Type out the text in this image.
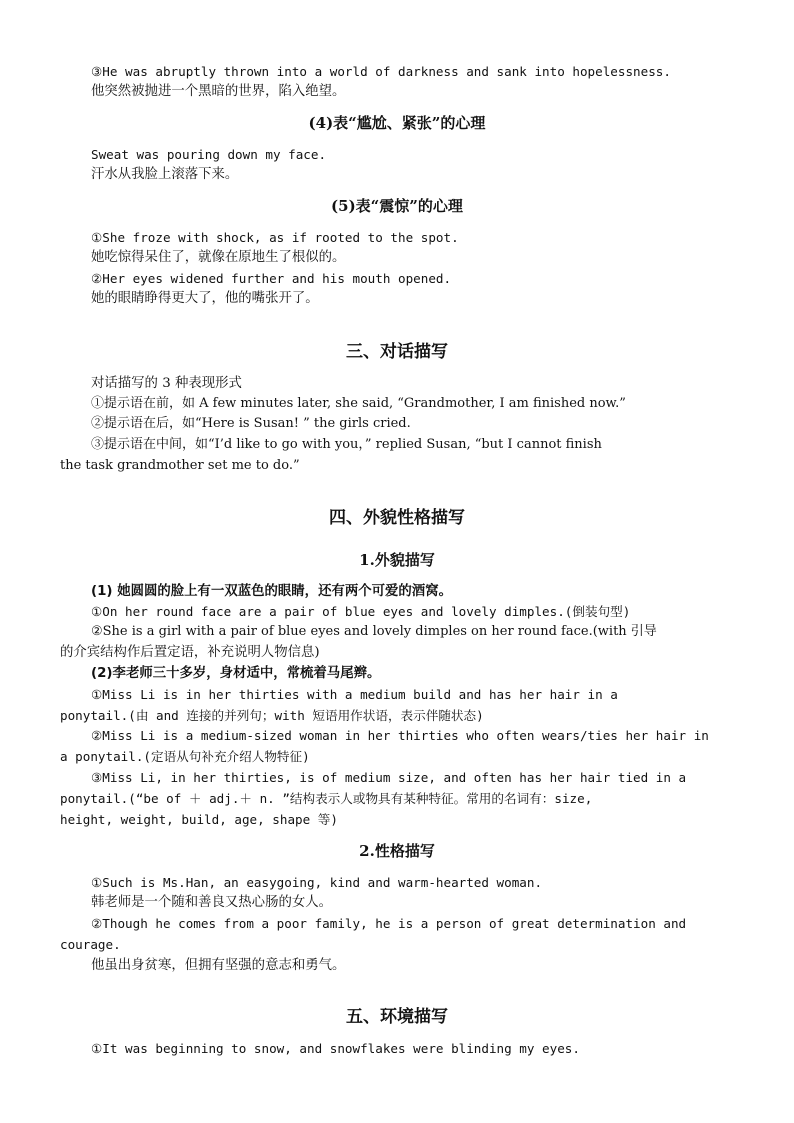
③He was abruptly thrown into a world of darkness and sank into hopelessness.
他突然被抛进一个黑暗的世界，陷入绝望。
(4)表“尴尬、紧张”的心理
Sweat was pouring down my face.
汗水从我脸上滚落下来。
(5)表“震惊”的心理
①She froze with shock, as if rooted to the spot.
她吃惊得呆住了，就像在原地生了根似的。
②Her eyes widened further and his mouth opened.
她的眼睛睁得更大了，他的嘴张开了。
三、对话描写
对话描写的 3 种表现形式
①提示语在前，如 A few minutes later, she said, “Grandmother, I am finished now.”
②提示语在后，如“Here is Susan! ” the girls cried.
③提示语在中间，如“I’d like to go with you，” replied Susan, “but I cannot finish
the task grandmother set me to do.”
四、外貌性格描写
1.外貌描写
(1) 她圆圆的脸上有一双蓝色的眼睛，还有两个可爱的酒窝。
①On her round face are a pair of blue eyes and lovely dimples.(倒装句型)
②She is a girl with a pair of blue eyes and lovely dimples on her round face.(with 引导
的介宾结构作后置定语，补充说明人物信息)
(2)李老师三十多岁，身材适中，常梳着马尾辫。
①Miss Li is in her thirties with a medium build and has her hair in a
ponytail.(由 and 连接的并列句；with 短语用作状语，表示伴随状态)
②Miss Li is a medium-sized woman in her thirties who often wears/ties her hair in
a ponytail.(定语从句补充介绍人物特征)
③Miss Li, in her thirties, is of medium size, and often has her hair tied in a
ponytail.(“be of ＋ adj.＋ n. ”结构表示人或物具有某种特征。常用的名词有：size,
height, weight, build, age, shape 等)
2.性格描写
①Such is Ms.Han, an easygoing, kind and warm-hearted woman.
韩老师是一个随和善良又热心肠的女人。
②Though he comes from a poor family, he is a person of great determination and
courage.
他虽出身贫寒，但拥有坚强的意志和勇气。
五、环境描写
①It was beginning to snow, and snowflakes were blinding my eyes.
